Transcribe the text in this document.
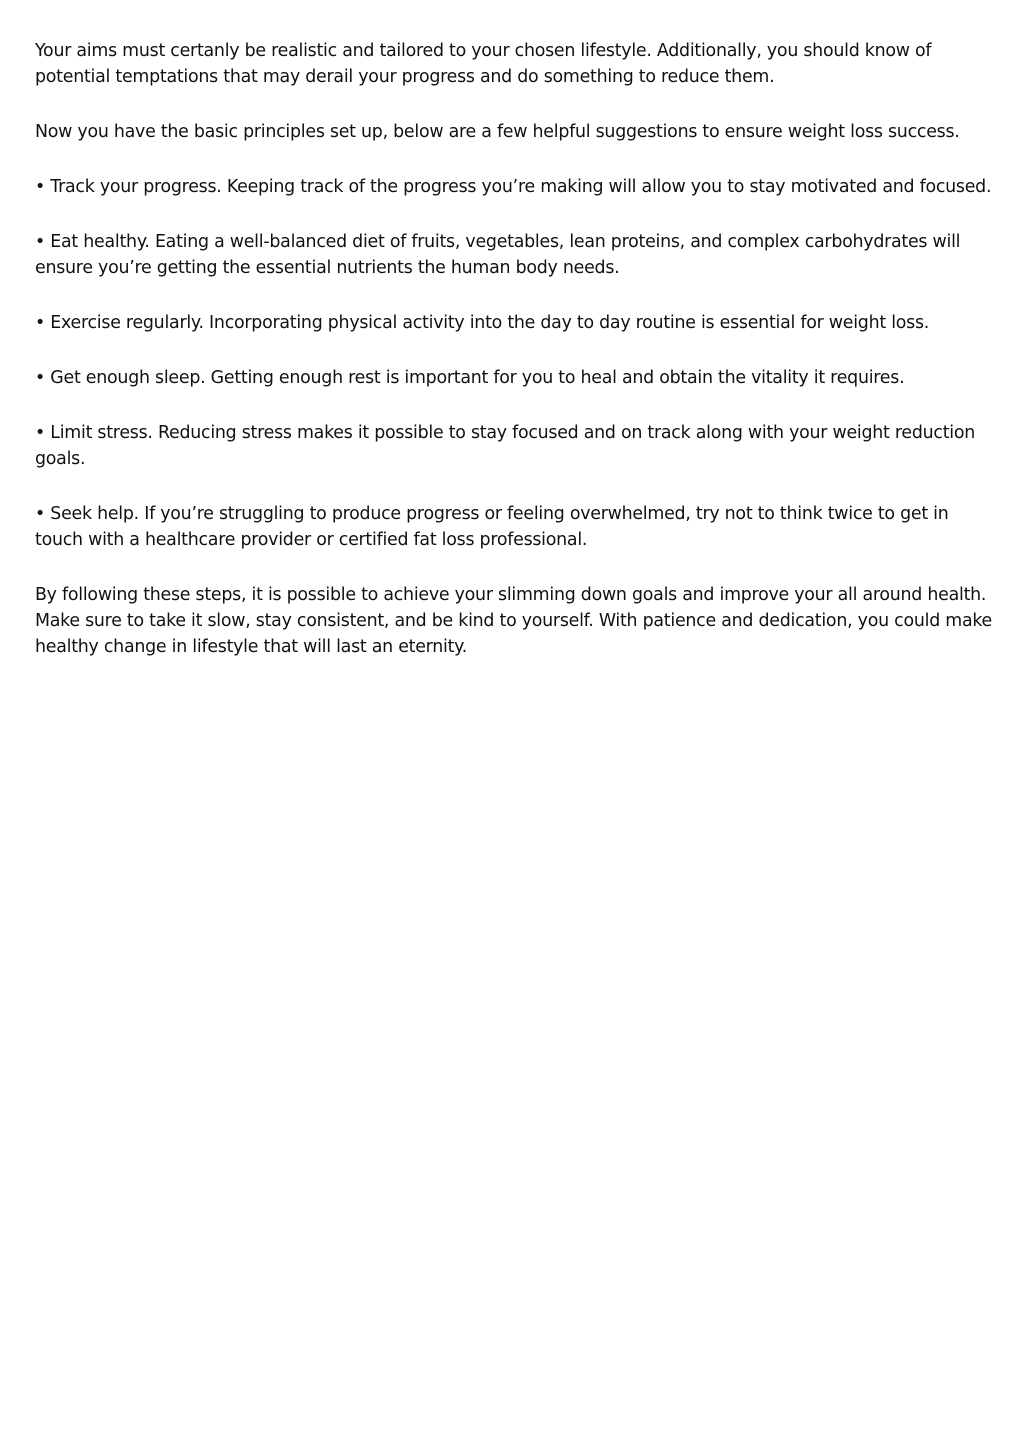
Your aims must certanly be realistic and tailored to your chosen lifestyle. Additionally, you should know of potential temptations that may derail your progress and do something to reduce them.

Now you have the basic principles set up, below are a few helpful suggestions to ensure weight loss success.

• Track your progress. Keeping track of the progress you’re making will allow you to stay motivated and focused.

• Eat healthy. Eating a well-balanced diet of fruits, vegetables, lean proteins, and complex carbohydrates will ensure you’re getting the essential nutrients the human body needs.

• Exercise regularly. Incorporating physical activity into the day to day routine is essential for weight loss.

• Get enough sleep. Getting enough rest is important for you to heal and obtain the vitality it requires.

• Limit stress. Reducing stress makes it possible to stay focused and on track along with your weight reduction goals.

• Seek help. If you’re struggling to produce progress or feeling overwhelmed, try not to think twice to get in touch with a healthcare provider or certified fat loss professional.

By following these steps, it is possible to achieve your slimming down goals and improve your all around health. Make sure to take it slow, stay consistent, and be kind to yourself. With patience and dedication, you could make healthy change in lifestyle that will last an eternity.
